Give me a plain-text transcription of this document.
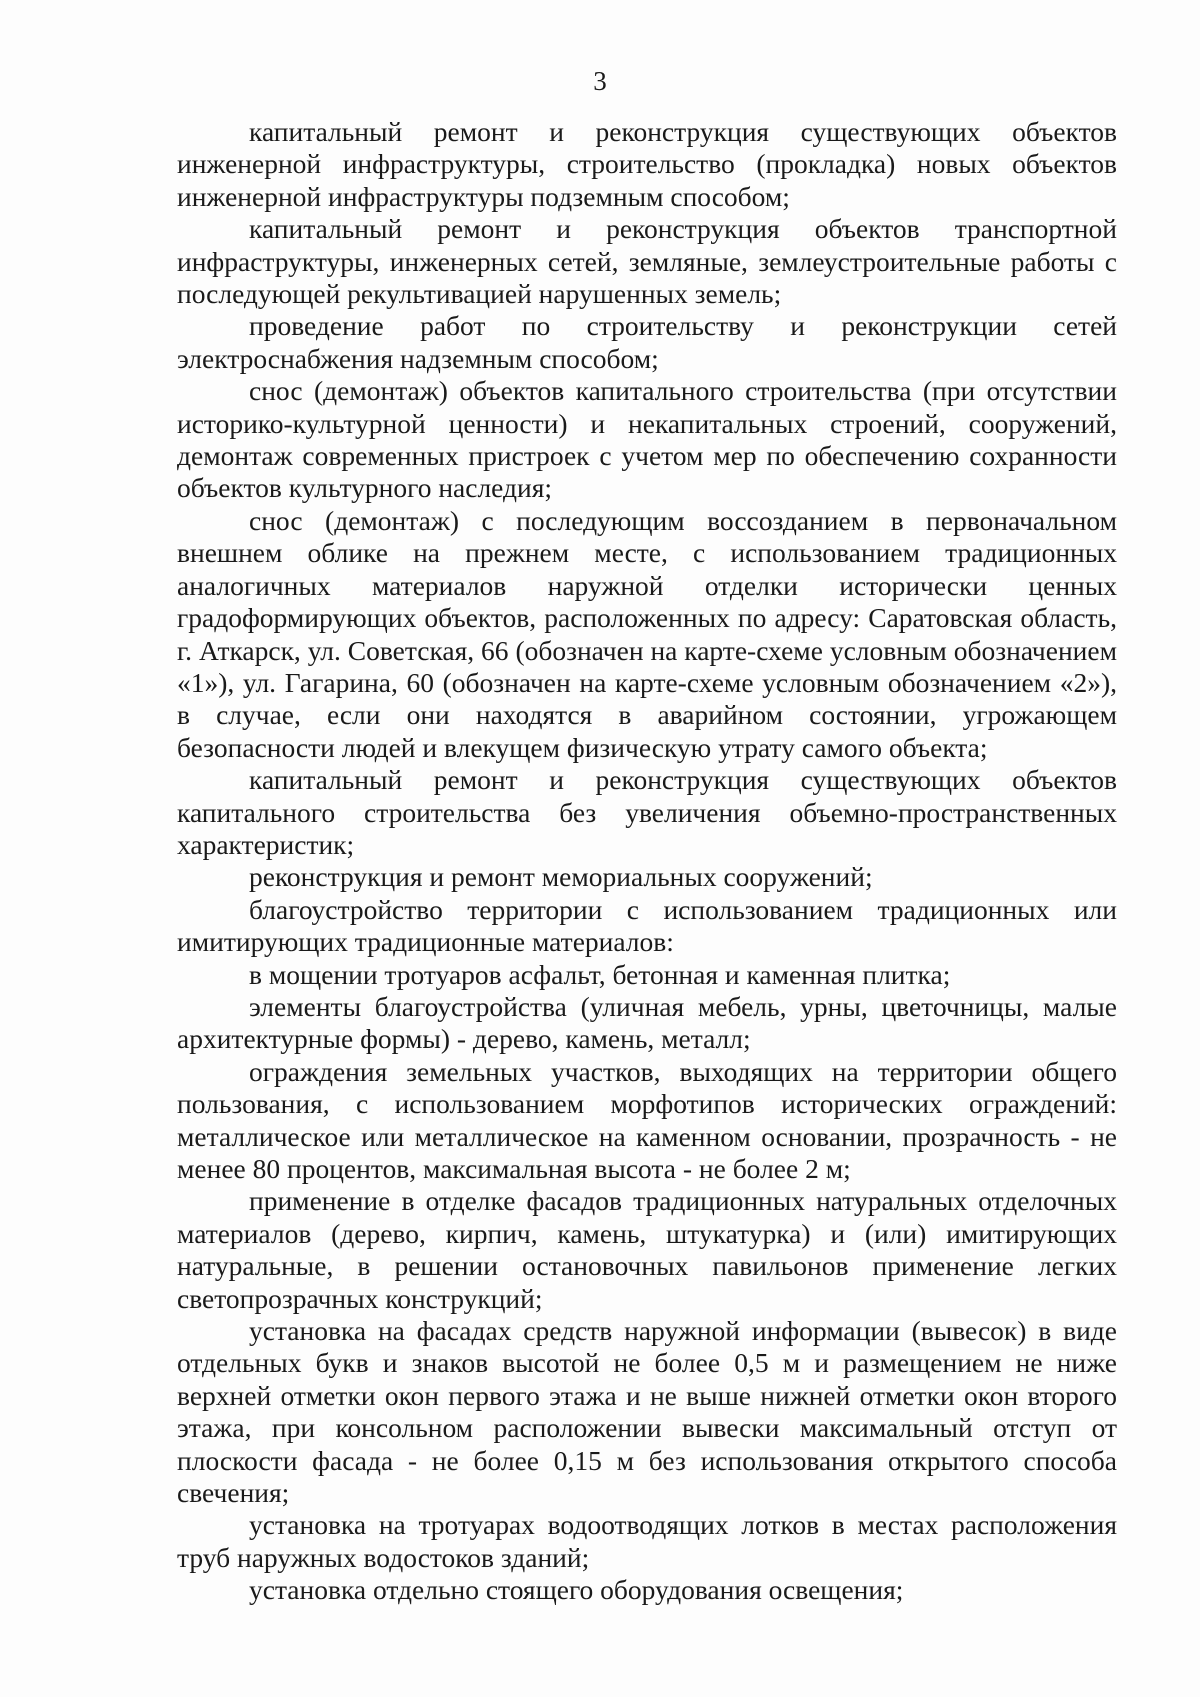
3

капитальный ремонт и реконструкция существующих объектов инженерной инфраструктуры, строительство (прокладка) новых объектов инженерной инфраструктуры подземным способом;

капитальный ремонт и реконструкция объектов транспортной инфраструктуры, инженерных сетей, земляные, землеустроительные работы с последующей рекультивацией нарушенных земель;

проведение работ по строительству и реконструкции сетей электроснабжения надземным способом;

снос (демонтаж) объектов капитального строительства (при отсутствии историко-культурной ценности) и некапитальных строений, сооружений, демонтаж современных пристроек с учетом мер по обеспечению сохранности объектов культурного наследия;

снос (демонтаж) с последующим воссозданием в первоначальном внешнем облике на прежнем месте, с использованием традиционных аналогичных материалов наружной отделки исторически ценных градоформирующих объектов, расположенных по адресу: Саратовская область, г. Аткарск, ул. Советская, 66 (обозначен на карте-схеме условным обозначением «1»), ул. Гагарина, 60 (обозначен на карте-схеме условным обозначением «2»), в случае, если они находятся в аварийном состоянии, угрожающем безопасности людей и влекущем физическую утрату самого объекта;

капитальный ремонт и реконструкция существующих объектов капитального строительства без увеличения объемно-пространственных характеристик;

реконструкция и ремонт мемориальных сооружений;

благоустройство территории с использованием традиционных или имитирующих традиционные материалов:

в мощении тротуаров асфальт, бетонная и каменная плитка;

элементы благоустройства (уличная мебель, урны, цветочницы, малые архитектурные формы) - дерево, камень, металл;

ограждения земельных участков, выходящих на территории общего пользования, с использованием морфотипов исторических ограждений: металлическое или металлическое на каменном основании, прозрачность - не менее 80 процентов, максимальная высота - не более 2 м;

применение в отделке фасадов традиционных натуральных отделочных материалов (дерево, кирпич, камень, штукатурка) и (или) имитирующих натуральные, в решении остановочных павильонов применение легких светопрозрачных конструкций;

установка на фасадах средств наружной информации (вывесок) в виде отдельных букв и знаков высотой не более 0,5 м и размещением не ниже верхней отметки окон первого этажа и не выше нижней отметки окон второго этажа, при консольном расположении вывески максимальный отступ от плоскости фасада - не более 0,15 м без использования открытого способа свечения;

установка на тротуарах водоотводящих лотков в местах расположения труб наружных водостоков зданий;

установка отдельно стоящего оборудования освещения;
